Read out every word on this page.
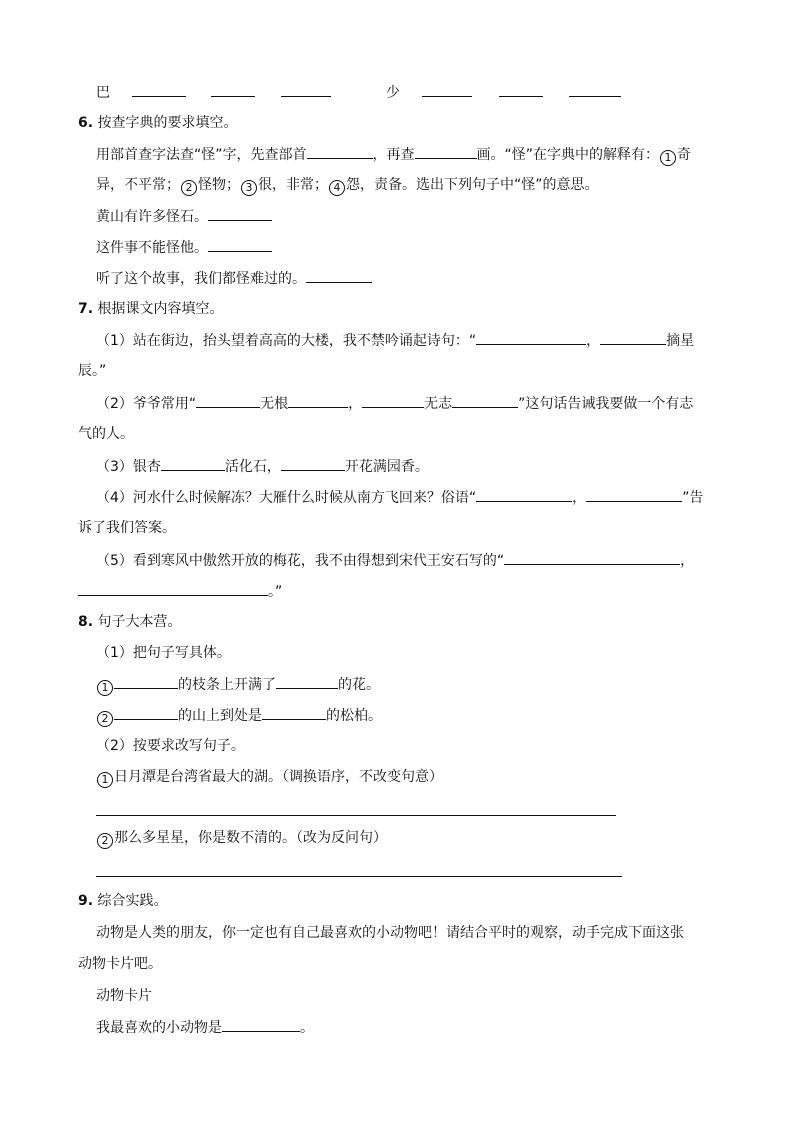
巴	少
6. 按查字典的要求填空。
用部首查字法查“怪”字，先查部首	，再查	画。“怪”在字典中的解释有： 1 奇
异，不平常； 2 怪物； 3 很，非常； 4 怨，责备。选出下列句子中“怪”的意思。
黄山有许多怪石。
这件事不能怪他。
听了这个故事，我们都怪难过的。
7. 根据课文内容填空。
（1）站在街边，抬头望着高高的大楼，我不禁吟诵起诗句：“	，	摘星
辰。”
（2）爷爷常用“	无根	，	无志	”这句话告诫我要做一个有志
气的人。
（3）银杏	活化石，	开花满园香。
（4）河水什么时候解冻？大雁什么时候从南方飞回来？俗语“	，	”告
诉了我们答案。
（5）看到寒风中傲然开放的梅花，我不由得想到宋代王安石写的“	，
。”
8. 句子大本营。
（1）把句子写具体。
1	的枝条上开满了	的花。
2	的山上到处是	的松柏。
（2）按要求改写句子。
1 日月潭是台湾省最大的湖。（调换语序，不改变句意）
2 那么多星星，你是数不清的。（改为反问句）
9. 综合实践。
动物是人类的朋友，你一定也有自己最喜欢的小动物吧！请结合平时的观察，动手完成下面这张
动物卡片吧。
动物卡片
我最喜欢的小动物是	。
